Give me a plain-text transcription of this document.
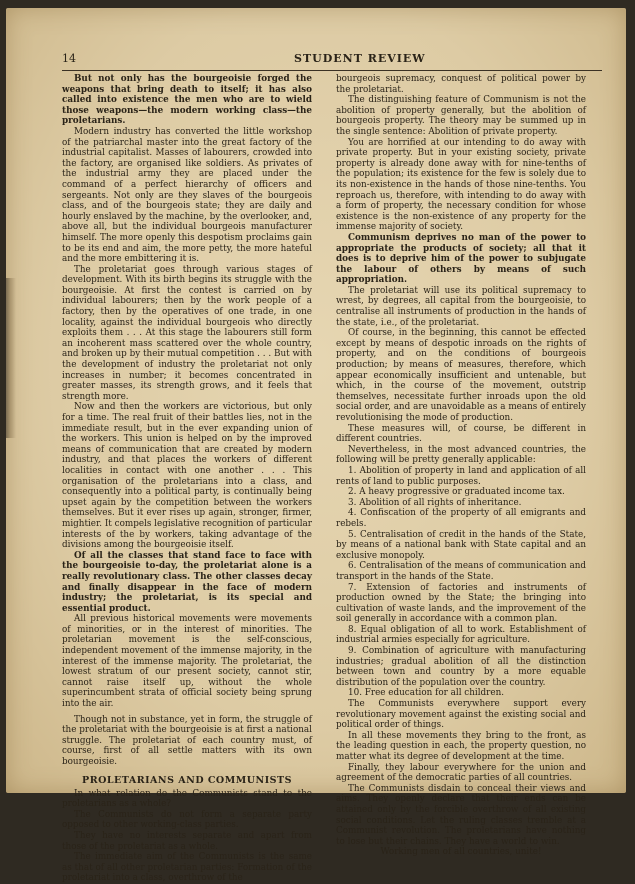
14	STUDENT REVIEW

But not only has the bourgeoisie forged the weapons that bring death to itself; it has also called into existence the men who are to wield those weapons—the modern working class—the proletarians.

Modern industry has converted the little workshop of the patriarchal master into the great factory of the industrial capitalist. Masses of labourers, crowded into the factory, are organised like soldiers. As privates of the industrial army they are placed under the command of a perfect hierarchy of officers and sergeants. Not only are they slaves of the bourgeois class, and of the bourgeois state; they are daily and hourly enslaved by the machine, by the overlooker, and, above all, but the individual bourgeois manufacturer himself. The more openly this despotism proclaims gain to be its end and aim, the more petty, the more hateful and the more embittering it is.

The proletariat goes through various stages of development. With its birth begins its struggle with the bourgeoisie. At first the contest is carried on by individual labourers; then by the work people of a factory, then by the operatives of one trade, in one locality, against the individual bourgeois who directly exploits them . . . At this stage the labourers still form an incoherent mass scattered over the whole country, and broken up by their mutual competition . . . But with the development of industry the proletariat not only increases in number; it becomes concentrated in greater masses, its strength grows, and it feels that strength more.

Now and then the workers are victorious, but only for a time. The real fruit of their battles lies, not in the immediate result, but in the ever expanding union of the workers. This union is helped on by the improved means of communication that are created by modern industry, and that places the workers of different localities in contact with one another . . . This organisation of the proletarians into a class, and consequently into a political party, is continually being upset again by the competition between the workers themselves. But it ever rises up again, stronger, firmer, mightier. It compels legislative recognition of particular interests of the by workers, taking advantage of the divisions among the bourgeoisie itself.

Of all the classes that stand face to face with the bourgeoisie to-day, the proletariat alone is a really revolutionary class. The other classes decay and finally disappear in the face of modern industry; the proletariat, is its special and essential product.

All previous historical movements were movements of minorities, or in the interest of minorities. The proletarian movement is the self-conscious, independent movement of the immense majority, in the interest of the immense majority. The proletariat, the lowest stratum of our present society, cannot stir, cannot raise itself up, without the whole superincumbent strata of official society being sprung into the air.

Though not in substance, yet in form, the struggle of the proletariat with the bourgeoisie is at first a national struggle. The proletariat of each country must, of course, first of all settle matters with its own bourgeoisie.

PROLETARIANS AND COMMUNISTS

In what relation do the Communists stand to the proletarians as a whole?

The Communists do not form a separate party opposed to other working-class parties.

They have no interests separate and apart from those of the proletariat as a whole.

The immediate aim of the Communists is the same as that of all other proletarian parties: Formation of the proletariat into a class, overthrow of the

bourgeois supremacy, conquest of political power by the proletariat.

The distinguishing feature of Communism is not the abolition of property generally, but the abolition of bourgeois property. The theory may be summed up in the single sentence: Abolition of private property.

You are horrified at our intending to do away with private property. But in your existing society, private property is already done away with for nine-tenths of the population; its existence for the few is solely due to its non-existence in the hands of those nine-tenths. You reproach us, therefore, with intending to do away with a form of property, the necessary condition for whose existence is the non-existence of any property for the immense majority of society.

Communism deprives no man of the power to appropriate the products of society; all that it does is to deprive him of the power to subjugate the labour of others by means of such appropriation.

The proletariat will use its political supremacy to wrest, by degrees, all capital from the bourgeoisie, to centralise all instruments of production in the hands of the state, i.e., of the proletariat.

Of course, in the beginning, this cannot be effected except by means of despotic inroads on the rights of property, and on the conditions of bourgeois production; by means of measures, therefore, which appear economically insufficient and untenable, but which, in the course of the movement, outstrip themselves, necessitate further inroads upon the old social order, and are unavoidable as a means of entirely revolutionising the mode of production.

These measures will, of course, be different in different countries.

Nevertheless, in the most advanced countries, the following will be pretty generally applicable:

1. Abolition of property in land and application of all rents of land to public purposes.

2. A heavy progressive or graduated income tax.

3. Abolition of all rights of inheritance.

4. Confiscation of the property of all emigrants and rebels.

5. Centralisation of credit in the hands of the State, by means of a national bank with State capital and an exclusive monopoly.

6. Centralisation of the means of communication and transport in the hands of the State.

7. Extension of factories and instruments of production owned by the State; the bringing into cultivation of waste lands, and the improvement of the soil generally in accordance with a common plan.

8. Equal obligation of all to work. Establishment of industrial armies especially for agriculture.

9. Combination of agriculture with manufacturing industries; gradual abolition of all the distinction between town and country by a more equable distribution of the population over the country.

10. Free education for all children.

The Communists everywhere support every revolutionary movement against the existing social and political order of things.

In all these movements they bring to the front, as the leading question in each, the property question, no matter what its degree of development at the time.

Finally, they labour everywhere for the union and agreement of the democratic parties of all countries.

The Communists disdain to conceal their views and aims. They openly declare that their ends can be attained only by the forcible overthrow of all existing social conditions. Let the ruling classes tremble at a Communist revolution. The proletarians have nothing to lose but their chains. They have a world to win.

Working men of all countries, unite!
